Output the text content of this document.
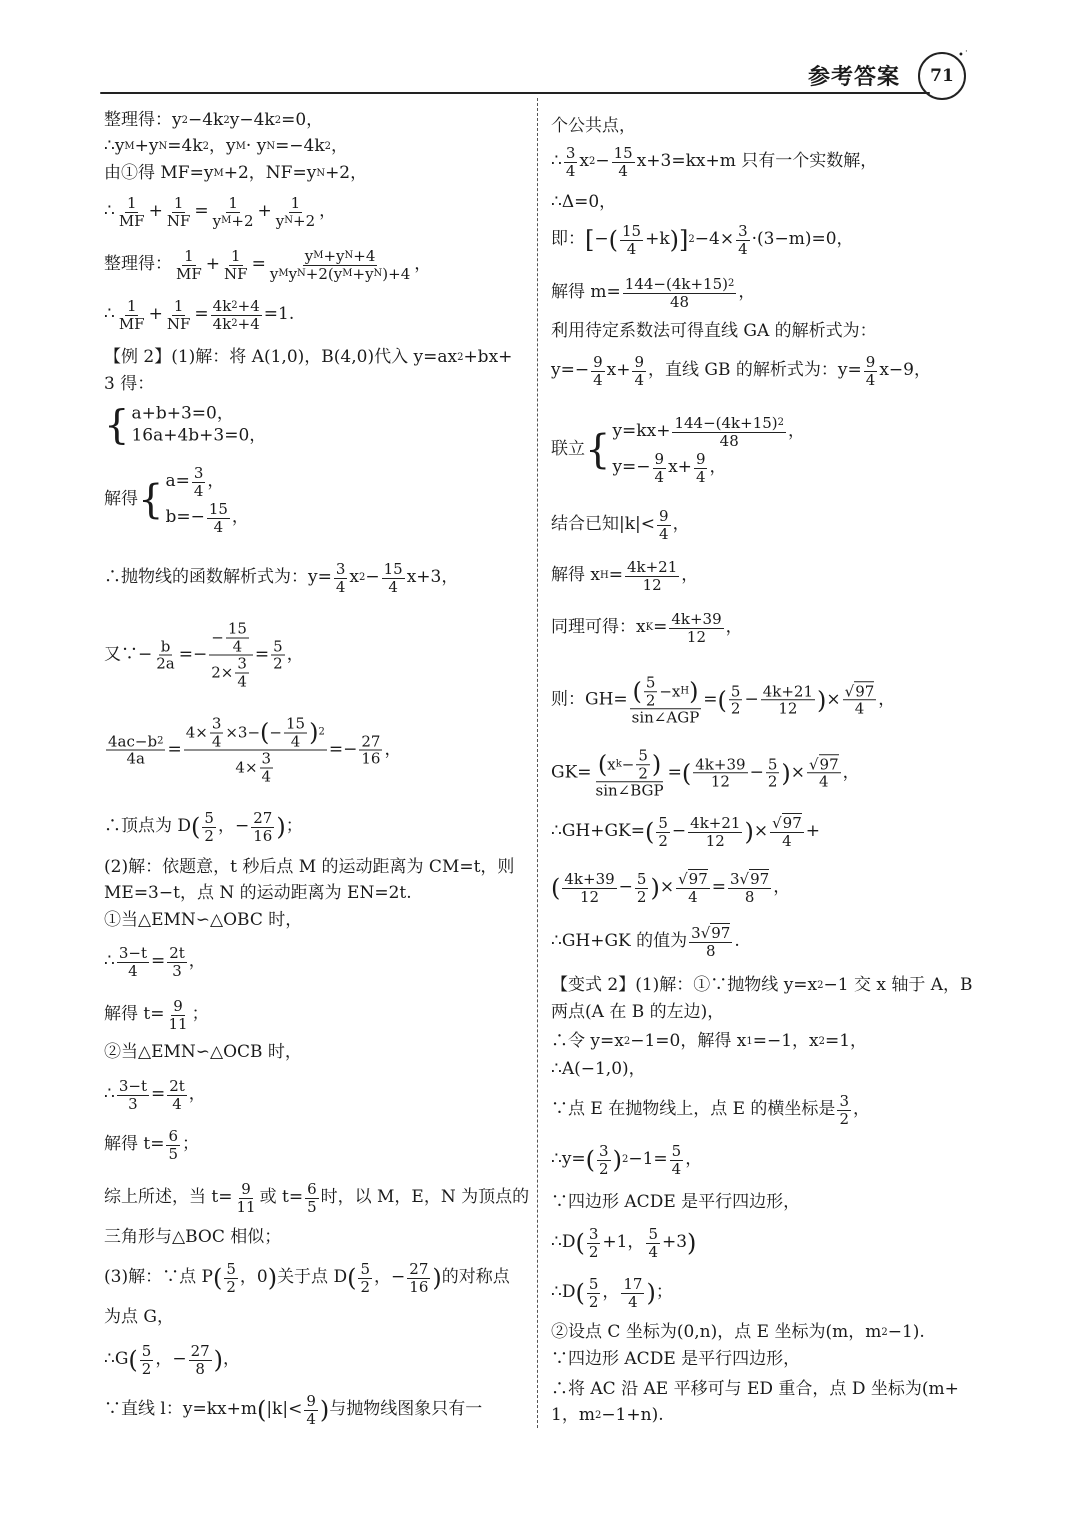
参考答案	71
•˙
整理得：y 2 −4k 2 y−4k 2 =0，
∴y M +y N =4k 2 ，y M · y N =−4k 2 ，
由①得 MF=y M +2，NF=y N +2，
∴ $\frac{1}{MF} + \frac{1}{NF} = \frac{1}{\text{y M +2}} + \frac{1}{\text{y N +2}}$ ，
整理得： $\frac{1}{MF} + \frac{1}{NF}$ =	y M +y N +4
y M y N +2(y M +y N )+4 ，
∴ $\frac{1}{MF} + \frac{1}{NF} = \frac{4k 2 +4}{4k 2 +4} =1$.
【例 2】(1)解：将 A(1,0)，B(4,0)代入 y=ax 2 +bx+
3 得：
{ a+b+3=0，
16a+4b+3=0，
解得 { $a= \frac{3}{4}$ ，
$b=- \frac{15}{4}$ ，
∴抛物线的函数解析式为：$y= \frac{3}{4}$ x $2 - \frac{15}{4} x+3$，
又∵− $\frac{b}{2a} =- \frac{- \frac{15}{4}}{2\times \frac{3}{4}} = \frac{5}{2}$ ，
$\frac{4ac-b 2}{4a} = \frac{4\times \frac{3}{4} \times 3- ( - \frac{15}{4} ) 2}{4\times \frac{3}{4}} =- \frac{27}{16}$ ，
∴顶点为 D ( $\frac{5}{2}$ ，− $\frac{27}{16}$ ) ；
(2)解：依题意，t 秒后点 M 的运动距离为 CM=t，则
ME=3−t，点 N 的运动距离为 EN=2t.
①当△EMN∽△OBC 时，
∴ $\frac{3-t}{4} = \frac{2t}{3}$ ，
解得 $t= \frac{9}{11}$ ；
②当△EMN∽△OCB 时，
∴ $\frac{3-t}{3} = \frac{2t}{4}$ ，
解得 $t= \frac{6}{5}$ ；
综上所述，当 $t= \frac{9}{11}$ 或 $t= \frac{6}{5}$ 时，以 M，E，N 为顶点的
三角形与△BOC 相似；
(3)解：∵点 P ( $\frac{5}{2}$ ，0 ) 关于点 D ( $\frac{5}{2}$ ，− $\frac{27}{16}$ ) 的对称点
为点 G，
∴G ( $\frac{5}{2}$ ，− $\frac{27}{8}$ ) ，
∵直线 l：y=kx+m ( $|k|< \frac{9}{4}$ ) 与抛物线图象只有一
个公共点，
∴ $\frac{3}{4}$ x $2 - \frac{15}{4} x+3=kx+m$ 只有一个实数解，
∴Δ=0，
即： [ − ( $\frac{15}{4} +k$ ) ] $2 -4\times \frac{3}{4} \cdot(3-m)=0$，
解得 $m= \frac{144-(4k+15) 2}{48}$ ，
利用待定系数法可得直线 GA 的解析式为：
$y=- \frac{9}{4} x+ \frac{9}{4}$ ，直线 GB 的解析式为：$y= \frac{9}{4} x-9$，
联立 { $y=kx+ \frac{144-(4k+15) 2}{48}$ ，
$y=- \frac{9}{4} x+ \frac{9}{4}$ ，
结合已知$|k|< \frac{9}{4}$ ，
解得 x $H = \frac{4k+21}{12}$ ，
同理可得：x $K = \frac{4k+39}{12}$ ，
则：GH= ( $\frac{5}{2} -x$ H )
sin∠AGP
= ( $\frac{5}{2} - \frac{4k+21}{12}$ ) × $\frac{√97}{4}$ ，
GK= ( x $k - \frac{5}{2}$ )
sin∠BGP
= ( $\frac{4k+39}{12} - \frac{5}{2}$ ) × $\frac{√97}{4}$ ，
∴GH+GK= ( $\frac{5}{2} - \frac{4k+21}{12}$ ) × $\frac{√97}{4}$ +
( $\frac{4k+39}{12} - \frac{5}{2}$ ) × $\frac{√97}{4} = \frac{3 √97}{8}$ ，
∴GH+GK 的值为 $\frac{3 √97}{8}$ .
【变式 2】(1)解：①∵抛物线 y=x 2 −1 交 x 轴于 A，B
两点(A 在 B 的左边)，
∴令 y=x 2 −1=0，解得 x 1 =−1，x 2 =1，
∴A(−1,0)，
∵点 E 在抛物线上，点 E 的横坐标是 $\frac{3}{2}$ ，
∴y= ( $\frac{3}{2}$ ) $2 -1= \frac{5}{4}$ ，
∵四边形 ACDE 是平行四边形，
∴D ( $\frac{3}{2} +1$， $\frac{5}{4} +3$ )
∴D ( $\frac{5}{2}$ ， $\frac{17}{4}$ ) ；
②设点 C 坐标为(0,n)，点 E 坐标为(m，m 2 −1).
∵四边形 ACDE 是平行四边形，
∴将 AC 沿 AE 平移可与 ED 重合，点 D 坐标为(m+
1，m 2 −1+n).
